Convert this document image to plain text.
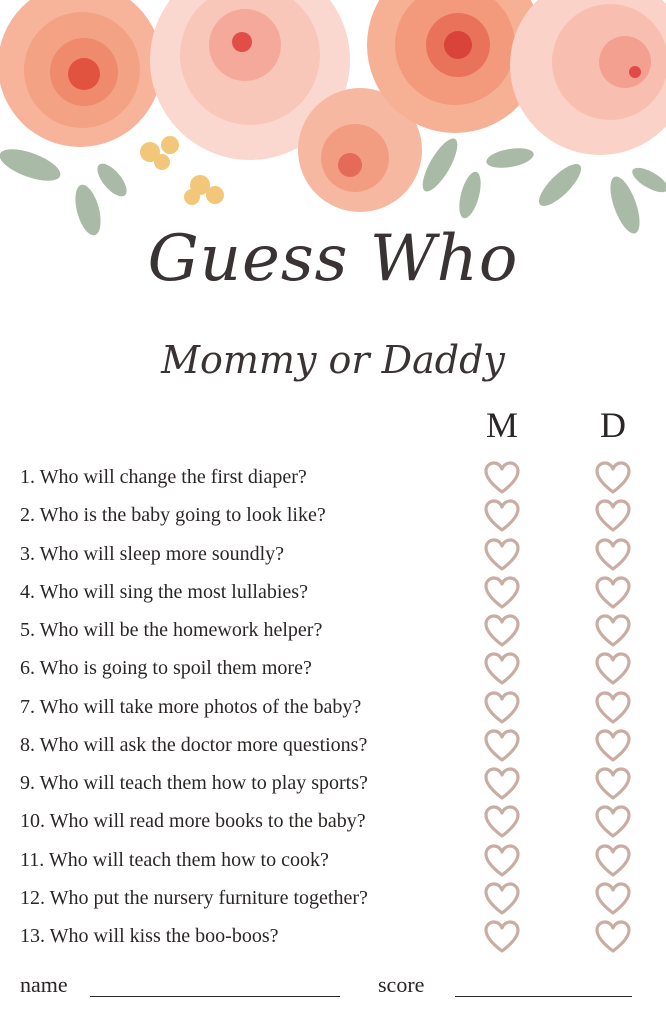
Guess Who
Mommy or Daddy
M	D
1. Who will change the first diaper?
2. Who is the baby going to look like?
3. Who will sleep more soundly?
4. Who will sing the most lullabies?
5. Who will be the homework helper?
6. Who is going to spoil them more?
7. Who will take more photos of the baby?
8. Who will ask the doctor more questions?
9. Who will teach them how to play sports?
10. Who will read more books to the baby?
11. Who will teach them how to cook?
12. Who put the nursery furniture together?
13. Who will kiss the boo-boos?
name	score
